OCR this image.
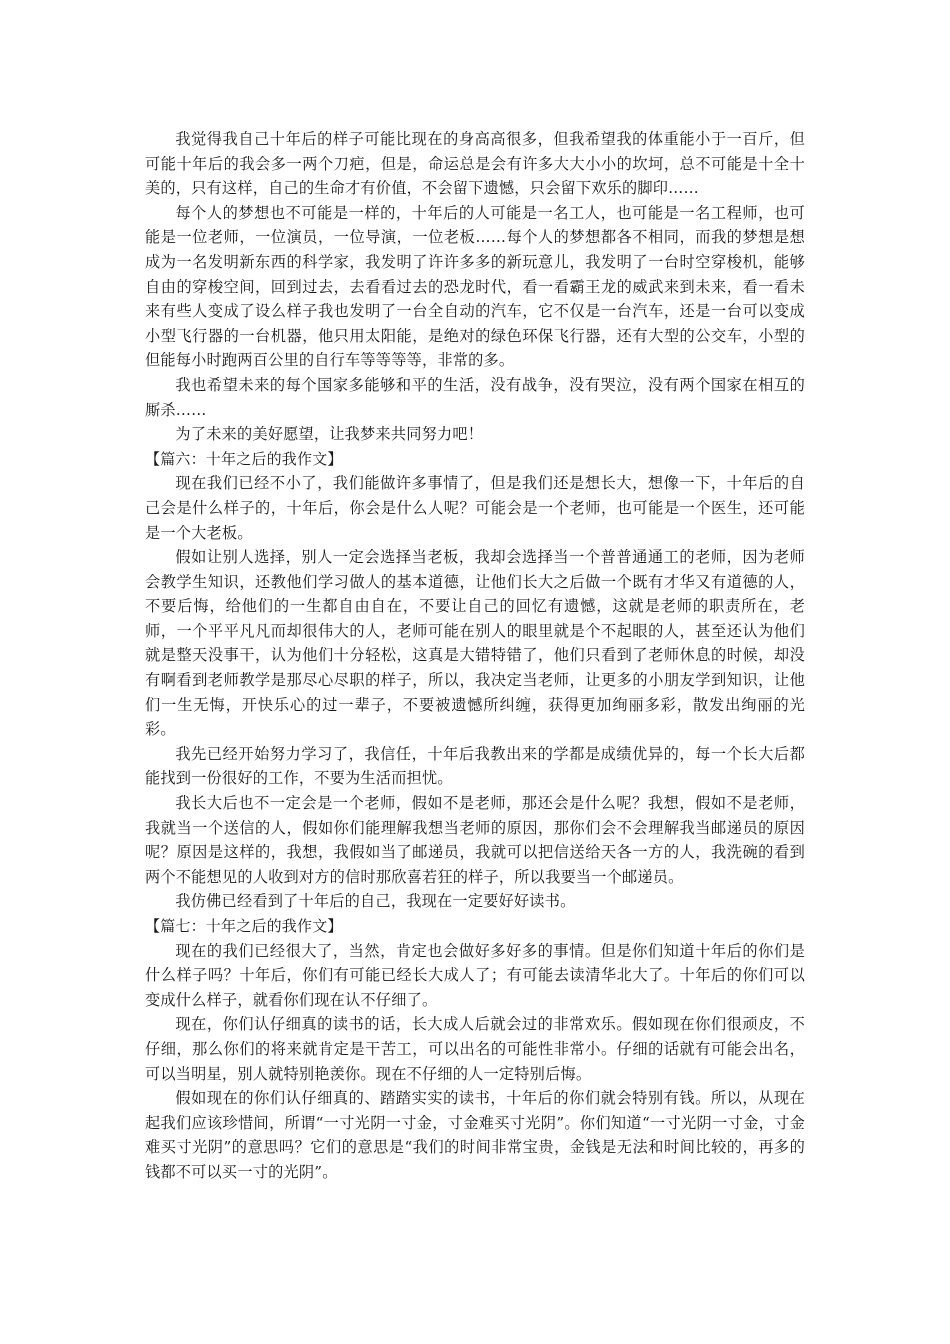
我觉得我自己十年后的样子可能比现在的身高高很多，但我希望我的体重能小于一百斤，但可能十年后的我会多一两个刀疤，但是，命运总是会有许多大大小小的坎坷，总不可能是十全十美的，只有这样，自己的生命才有价值，不会留下遗憾，只会留下欢乐的脚印……

每个人的梦想也不可能是一样的，十年后的人可能是一名工人，也可能是一名工程师，也可能是一位老师，一位演员，一位导演，一位老板……每个人的梦想都各不相同，而我的梦想是想成为一名发明新东西的科学家，我发明了许许多多的新玩意儿，我发明了一台时空穿梭机，能够自由的穿梭空间，回到过去，去看看过去的恐龙时代，看一看霸王龙的威武来到未来，看一看未来有些人变成了设么样子我也发明了一台全自动的汽车，它不仅是一台汽车，还是一台可以变成小型飞行器的一台机器，他只用太阳能，是绝对的绿色环保飞行器，还有大型的公交车，小型的但能每小时跑两百公里的自行车等等等等，非常的多。

我也希望未来的每个国家多能够和平的生活，没有战争，没有哭泣，没有两个国家在相互的厮杀……

为了未来的美好愿望，让我梦来共同努力吧！

【篇六：十年之后的我作文】

现在我们已经不小了，我们能做许多事情了，但是我们还是想长大，想像一下，十年后的自己会是什么样子的，十年后，你会是什么人呢？可能会是一个老师，也可能是一个医生，还可能是一个大老板。

假如让别人选择，别人一定会选择当老板，我却会选择当一个普普通通工的老师，因为老师会教学生知识，还教他们学习做人的基本道德，让他们长大之后做一个既有才华又有道德的人，不要后悔，给他们的一生都自由自在，不要让自己的回忆有遗憾，这就是老师的职责所在，老师，一个平平凡凡而却很伟大的人，老师可能在别人的眼里就是个不起眼的人，甚至还认为他们就是整天没事干，认为他们十分轻松，这真是大错特错了，他们只看到了老师休息的时候，却没有啊看到老师教学是那尽心尽职的样子，所以，我决定当老师，让更多的小朋友学到知识，让他们一生无悔，开快乐心的过一辈子，不要被遗憾所纠缠，获得更加绚丽多彩，散发出绚丽的光彩。

我先已经开始努力学习了，我信任，十年后我教出来的学都是成绩优异的，每一个长大后都能找到一份很好的工作，不要为生活而担忧。

我长大后也不一定会是一个老师，假如不是老师，那还会是什么呢？我想，假如不是老师，我就当一个送信的人，假如你们能理解我想当老师的原因，那你们会不会理解我当邮递员的原因呢？原因是这样的，我想，我假如当了邮递员，我就可以把信送给天各一方的人，我洗碗的看到两个不能想见的人收到对方的信时那欣喜若狂的样子，所以我要当一个邮递员。

我仿佛已经看到了十年后的自己，我现在一定要好好读书。

【篇七：十年之后的我作文】

现在的我们已经很大了，当然，肯定也会做好多好多的事情。但是你们知道十年后的你们是什么样子吗？十年后，你们有可能已经长大成人了；有可能去读清华北大了。十年后的你们可以变成什么样子，就看你们现在认不仔细了。

现在，你们认仔细真的读书的话，长大成人后就会过的非常欢乐。假如现在你们很顽皮，不仔细，那么你们的将来就肯定是干苦工，可以出名的可能性非常小。仔细的话就有可能会出名，可以当明星，别人就特别艳羡你。现在不仔细的人一定特别后悔。

假如现在的你们认仔细真的、踏踏实实的读书，十年后的你们就会特别有钱。所以，从现在起我们应该珍惜间，所谓“一寸光阴一寸金，寸金难买寸光阴”。你们知道“一寸光阴一寸金，寸金难买寸光阴”的意思吗？它们的意思是“我们的时间非常宝贵，金钱是无法和时间比较的，再多的钱都不可以买一寸的光阴”。
